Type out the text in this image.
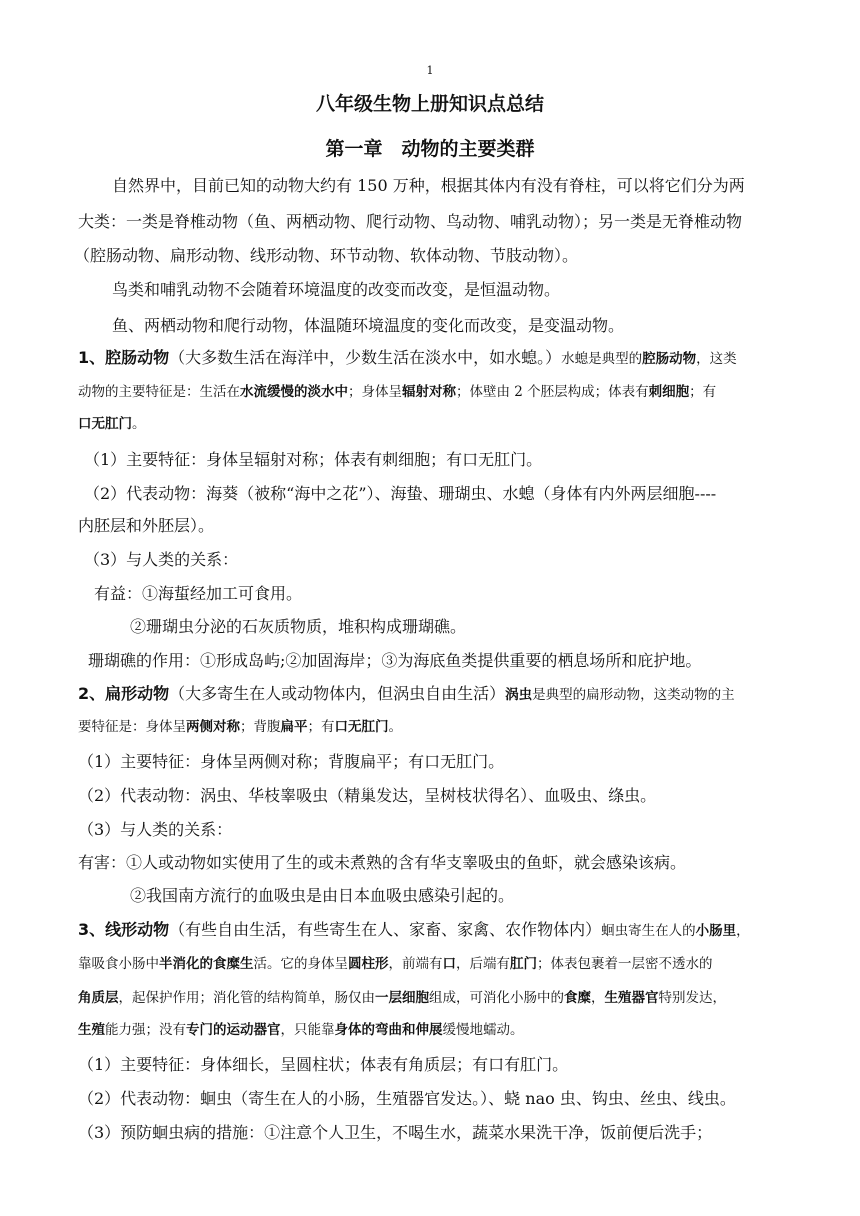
1
八年级生物上册知识点总结
第一章　动物的主要类群
自然界中，目前已知的动物大约有 150 万种，根据其体内有没有脊柱，可以将它们分为两
大类：一类是脊椎动物（鱼、两栖动物、爬行动物、鸟动物、哺乳动物）；另一类是无脊椎动物
（腔肠动物、扁形动物、线形动物、环节动物、软体动物、节肢动物）。
鸟类和哺乳动物不会随着环境温度的改变而改变，是恒温动物。
鱼、两栖动物和爬行动物，体温随环境温度的变化而改变，是变温动物。
1、腔肠动物（大多数生活在海洋中，少数生活在淡水中，如水螅。）水螅是典型的腔肠动物，这类
动物的主要特征是：生活在水流缓慢的淡水中；身体呈辐射对称；体壁由 2 个胚层构成；体表有刺细胞；有
口无肛门。
（1）主要特征：身体呈辐射对称；体表有刺细胞；有口无肛门。
（2）代表动物：海葵（被称“海中之花”）、海蛰、珊瑚虫、水螅（身体有内外两层细胞----
内胚层和外胚层）。
（3）与人类的关系：
有益：①海蜇经加工可食用。
②珊瑚虫分泌的石灰质物质，堆积构成珊瑚礁。
珊瑚礁的作用：①形成岛屿;②加固海岸；③为海底鱼类提供重要的栖息场所和庇护地。
2、扁形动物（大多寄生在人或动物体内，但涡虫自由生活）涡虫是典型的扁形动物，这类动物的主
要特征是：身体呈两侧对称；背腹扁平；有口无肛门。
（1）主要特征：身体呈两侧对称；背腹扁平；有口无肛门。
（2）代表动物：涡虫、华枝睾吸虫（精巢发达，呈树枝状得名）、血吸虫、绦虫。
（3）与人类的关系：
有害：①人或动物如实使用了生的或未煮熟的含有华支睾吸虫的鱼虾，就会感染该病。
②我国南方流行的血吸虫是由日本血吸虫感染引起的。
3、线形动物（有些自由生活，有些寄生在人、家畜、家禽、农作物体内）蛔虫寄生在人的小肠里，
靠吸食小肠中半消化的食糜生活。它的身体呈圆柱形，前端有口，后端有肛门；体表包裹着一层密不透水的
角质层，起保护作用；消化管的结构简单，肠仅由一层细胞组成，可消化小肠中的食糜，生殖器官特别发达，
生殖能力强；没有专门的运动器官，只能靠身体的弯曲和伸展缓慢地蠕动。
（1）主要特征：身体细长，呈圆柱状；体表有角质层；有口有肛门。
（2）代表动物：蛔虫（寄生在人的小肠，生殖器官发达。）、蛲 nao 虫、钩虫、丝虫、线虫。
（3）预防蛔虫病的措施：①注意个人卫生，不喝生水，蔬菜水果洗干净，饭前便后洗手；
